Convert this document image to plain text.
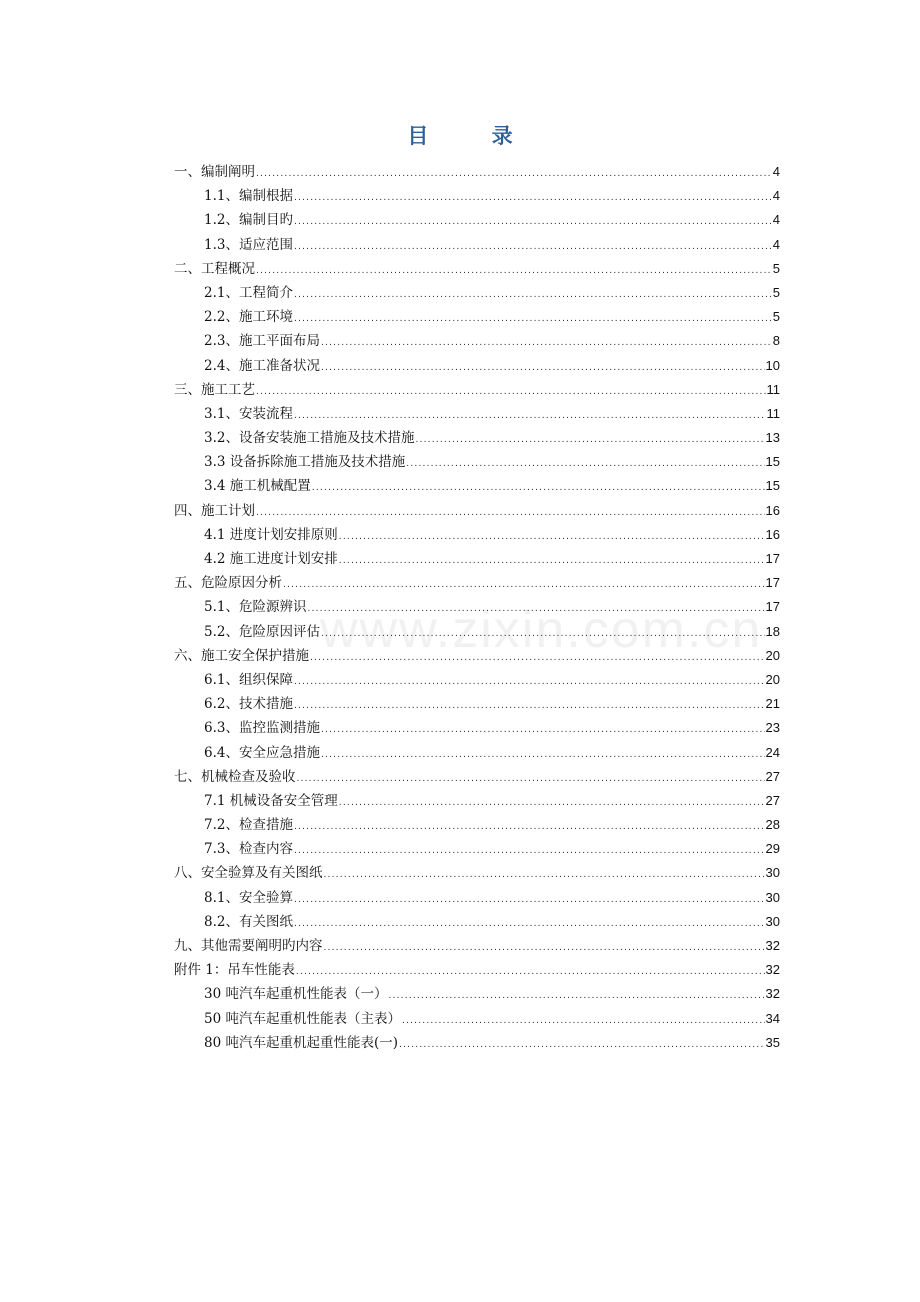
www.zixin.com.cn
目 录
一、编制阐明 .....	4
1.1、编制根据 .....	4
1.2、编制目旳 .....	4
1.3、适应范围 .....	4
二、工程概况 .....	5
2.1、工程简介 .....	5
2.2、施工环境 .....	5
2.3、施工平面布局 .....	8
2.4、施工准备状况 .....	10
三、施工工艺 .....	11
3.1、安装流程 .....	11
3.2、设备安装施工措施及技术措施 .....	13
3.3 设备拆除施工措施及技术措施 .....	15
3.4 施工机械配置 .....	15
四、施工计划 .....	16
4.1 进度计划安排原则 .....	16
4.2 施工进度计划安排 .....	17
五、危险原因分析 .....	17
5.1、危险源辨识 .....	17
5.2、危险原因评估 .....	18
六、施工安全保护措施 .....	20
6.1、组织保障 .....	20
6.2、技术措施 .....	21
6.3、监控监测措施 .....	23
6.4、安全应急措施 .....	24
七、机械检查及验收 .....	27
7.1 机械设备安全管理 .....	27
7.2、检查措施 .....	28
7.3、检查内容 .....	29
八、安全验算及有关图纸 .....	30
8.1、安全验算 .....	30
8.2、有关图纸 .....	30
九、其他需要阐明旳内容 .....	32
附件 1：吊车性能表 .....	32
30 吨汽车起重机性能表（一） .....	32
50 吨汽车起重机性能表（主表） .....	34
80 吨汽车起重机起重性能表(一) .....	35
